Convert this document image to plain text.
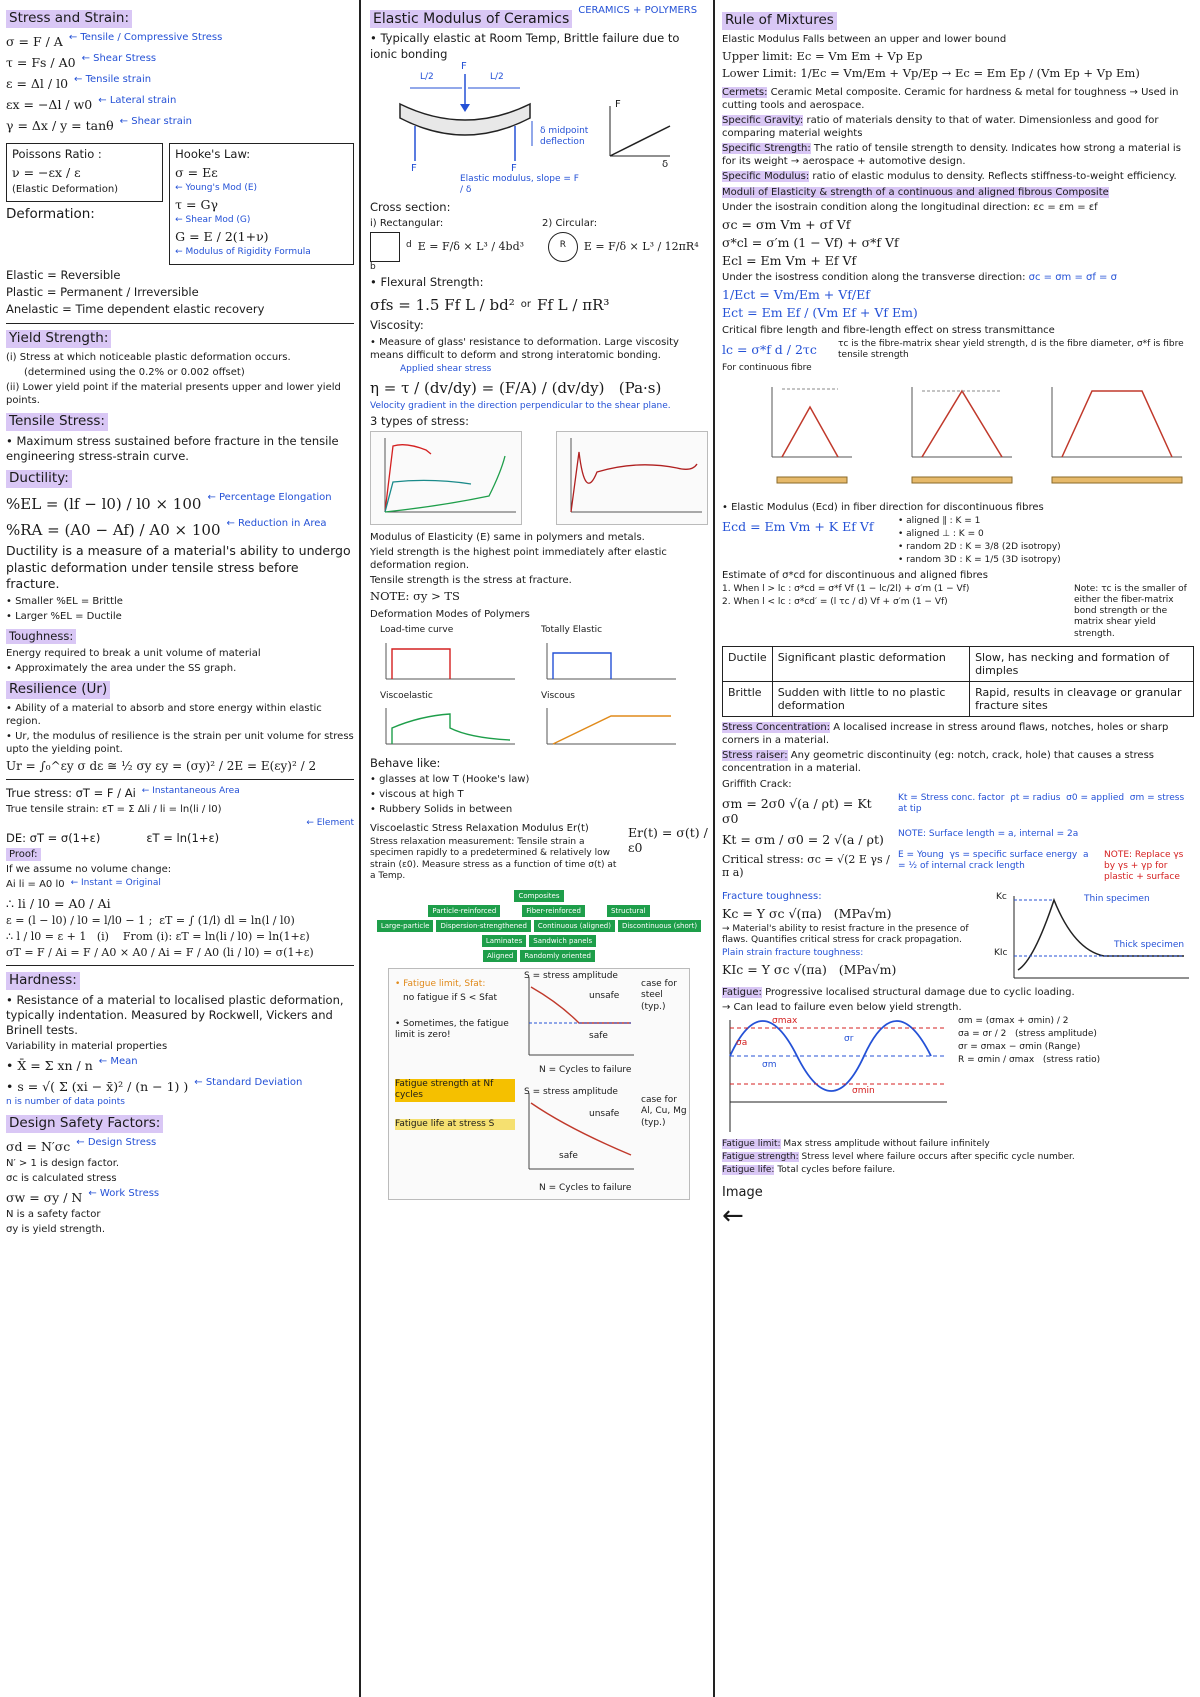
Stress and Strain:
σ = F / A ← Tensile / Compressive Stress
τ = Fs / A0 ← Shear Stress
ε = Δl / l0 ← Tensile strain
εx = −Δl / w0 ← Lateral strain
γ = Δx / y = tanθ ← Shear strain
Poissons Ratio :
ν = −εx / ε
(Elastic Deformation)
Deformation:
Hooke's Law:
σ = Eε
← Young's Mod (E)
τ = Gγ
← Shear Mod (G)
G = E / 2(1+ν)
← Modulus of Rigidity Formula
Elastic = Reversible
Plastic = Permanent / Irreversible
Anelastic = Time dependent elastic recovery
Yield Strength:
(i) Stress at which noticeable plastic deformation occurs.
(determined using the 0.2% or 0.002 offset)
(ii) Lower yield point if the material presents upper and lower yield points.
Tensile Stress:
• Maximum stress sustained before fracture in the tensile engineering stress-strain curve.
Ductility:
%EL = (lf − l0) / l0 × 100 ← Percentage Elongation
%RA = (A0 − Af) / A0 × 100 ← Reduction in Area
Ductility is a measure of a material's ability to undergo plastic deformation under tensile stress before fracture.
• Smaller %EL = Brittle
• Larger %EL = Ductile
Toughness:
Energy required to break a unit volume of material
• Approximately the area under the SS graph.
Resilience (Ur)
• Ability of a material to absorb and store energy within elastic region.
• Ur, the modulus of resilience is the strain per unit volume for stress upto the yielding point.
Ur = ∫₀^εy σ dε ≅ ½ σy εy = (σy)² / 2E = E(εy)² / 2
True stress: σT = F / Ai ← Instantaneous Area
True tensile strain: εT = Σ Δli / li = ln(li / l0)
← Element
DE: σT = σ(1+ε)	εT = ln(1+ε)
Proof:
If we assume no volume change:
Ai li = A0 l0 ← Instant = Original
∴ li / l0 = A0 / Ai
ε = (l − l0) / l0 = l/l0 − 1 ;  εT = ∫ (1/l) dl = ln(l / l0)
∴ l / l0 = ε + 1   (i)    From (i): εT = ln(li / l0) = ln(1+ε)
σT = F / Ai = F / A0 × A0 / Ai = F / A0 (li / l0) = σ(1+ε)
Hardness:
• Resistance of a material to localised plastic deformation, typically indentation. Measured by Rockwell, Vickers and Brinell tests.
Variability in material properties
• X̄ = Σ xn / n ← Mean
• s = √( Σ (xi − x̄)² / (n − 1) ) ← Standard Deviation
n is number of data points
Design Safety Factors:
σd = N′σc ← Design Stress
N′ > 1 is design factor.
σc is calculated stress
σw = σy / N ← Work Stress
N is a safety factor
σy is yield strength.
Elastic Modulus of Ceramics
CERAMICS + POLYMERS
• Typically elastic at Room Temp, Brittle failure due to ionic bonding
L/2	L/2
F
F	F
δ midpoint deflection
F
δ
Elastic modulus, slope = F / δ
Cross section:
i) Rectangular:	2) Circular:
d E = F/δ × L³ / 4bd³	R E = F/δ × L³ / 12πR⁴
b
• Flexural Strength:
σfs = 1.5 Ff L / bd² or Ff L / πR³
Viscosity:
• Measure of glass' resistance to deformation. Large viscosity means difficult to deform and strong interatomic bonding.
Applied shear stress
η = τ / (dv/dy) = (F/A) / (dv/dy)   (Pa·s)
Velocity gradient in the direction perpendicular to the shear plane.
3 types of stress:
Modulus of Elasticity (E) same in polymers and metals.
Yield strength is the highest point immediately after elastic deformation region.
Tensile strength is the stress at fracture.
NOTE: σy > TS
Deformation Modes of Polymers
Load-time curve	Totally Elastic
Viscoelastic	Viscous
Behave like:
• glasses at low T (Hooke's law)
• viscous at high T
• Rubbery Solids in between
Viscoelastic Stress Relaxation Modulus Er(t)
Stress relaxation measurement: Tensile strain a specimen rapidly to a predetermined & relatively low strain (ε0). Measure stress as a function of time σ(t) at a Temp.
Er(t) = σ(t) / ε0
Composites
Particle-reinforced	Fiber-reinforced	Structural
Large-particle	Dispersion-strengthened	Continuous (aligned)	Discontinuous (short)
Laminates	Sandwich panels
Aligned	Randomly oriented
• Fatigue limit, Sfat:
no fatigue if S < Sfat
• Sometimes, the fatigue limit is zero!
Fatigue strength at Nf cycles
Fatigue life at stress S
S = stress amplitude
unsafe
safe
N = Cycles to failure
case for steel (typ.)
S = stress amplitude
unsafe
safe
N = Cycles to failure
case for Al, Cu, Mg (typ.)
Rule of Mixtures
Elastic Modulus Falls between an upper and lower bound
Upper limit: Ec = Vm Em + Vp Ep
Lower Limit: 1/Ec = Vm/Em + Vp/Ep → Ec = Em Ep / (Vm Ep + Vp Em)
Cermets: Ceramic Metal composite. Ceramic for hardness & metal for toughness → Used in cutting tools and aerospace.
Specific Gravity: ratio of materials density to that of water. Dimensionless and good for comparing material weights
Specific Strength: The ratio of tensile strength to density. Indicates how strong a material is for its weight → aerospace + automotive design.
Specific Modulus: ratio of elastic modulus to density. Reflects stiffness-to-weight efficiency.
Moduli of Elasticity & strength of a continuous and aligned fibrous Composite
Under the isostrain condition along the longitudinal direction: εc = εm = εf
σc = σm Vm + σf Vf
σ*cl = σ′m (1 − Vf) + σ*f Vf
Ecl = Em Vm + Ef Vf
Under the isostress condition along the transverse direction: σc = σm = σf = σ
1/Ect = Vm/Em + Vf/Ef
Ect = Em Ef / (Vm Ef + Vf Em)
Critical fibre length and fibre-length effect on stress transmittance
lc = σ*f d / 2τc	τc is the fibre-matrix shear yield strength, d is the fibre diameter, σ*f is fibre tensile strength
For continuous fibre
• Elastic Modulus (Ecd) in fiber direction for discontinuous fibres
Ecd = Em Vm + K Ef Vf	• aligned ∥ : K = 1
• aligned ⊥ : K = 0
• random 2D : K = 3/8 (2D isotropy)
• random 3D : K = 1/5 (3D isotropy)
Estimate of σ*cd for discontinuous and aligned fibres
1. When l > lc : σ*cd = σ*f Vf (1 − lc/2l) + σ′m (1 − Vf)
2. When l < lc : σ*cd′ = (l τc / d) Vf + σ′m (1 − Vf)
Note: τc is the smaller of either the fiber-matrix bond strength or the matrix shear yield strength.
Ductile	Significant plastic deformation	Slow, has necking and formation of dimples
Brittle	Sudden with little to no plastic deformation	Rapid, results in cleavage or granular fracture sites
Stress Concentration: A localised increase in stress around flaws, notches, holes or sharp corners in a material.
Stress raiser: Any geometric discontinuity (eg: notch, crack, hole) that causes a stress concentration in a material.
Griffith Crack:
σm = 2σ0 √(a / ρt) = Kt σ0
Kt = Stress conc. factor  ρt = radius  σ0 = applied  σm = stress at tip
Kt = σm / σ0 = 2 √(a / ρt)	NOTE: Surface length = a, internal = 2a
Critical stress: σc = √(2 E γs / π a)
E = Young  γs = specific surface energy  a = ½ of internal crack length
NOTE: Replace γs by γs + γp for plastic + surface
Fracture toughness:
Kc = Y σc √(πa)   (MPa√m)
→ Material's ability to resist fracture in the presence of flaws. Quantifies critical stress for crack propagation.
Plain strain fracture toughness:
KIc = Y σc √(πa)   (MPa√m)
Kc
KIc
Thin specimen
Thick specimen
Fatigue: Progressive localised structural damage due to cyclic loading.
→ Can lead to failure even below yield strength.
σmax
σmin
σa	σr
σm
σm = (σmax + σmin) / 2
σa = σr / 2   (stress amplitude)
σr = σmax − σmin (Range)
R = σmin / σmax   (stress ratio)
Fatigue limit: Max stress amplitude without failure infinitely
Fatigue strength: Stress level where failure occurs after specific cycle number.
Fatigue life: Total cycles before failure.
Image
←
